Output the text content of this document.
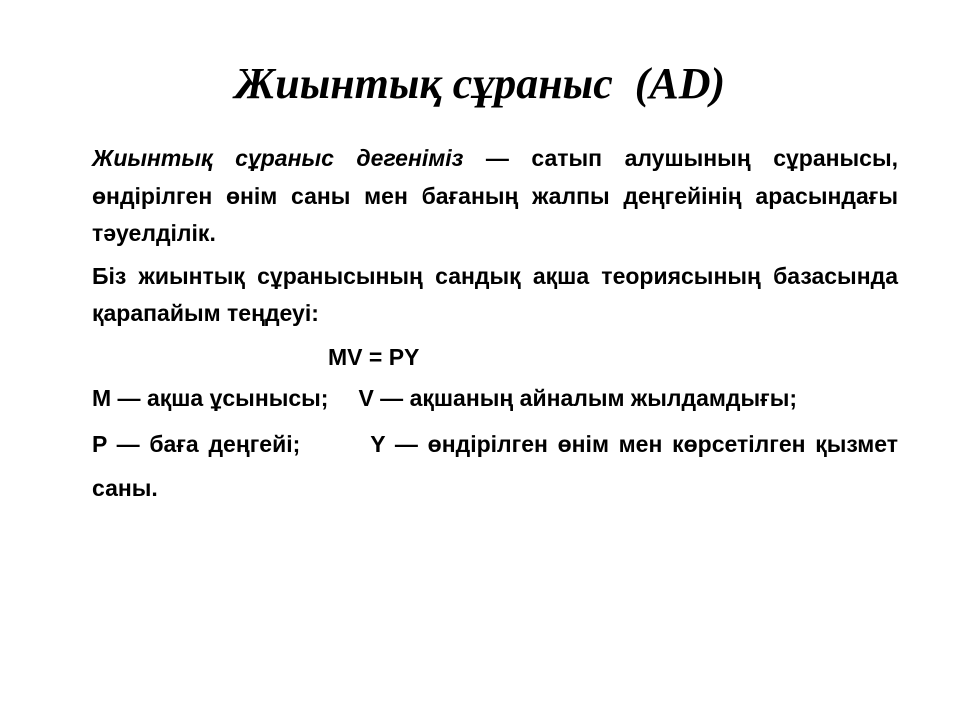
Жиынтық сұраныс  (AD)

Жиынтық сұраныс дегеніміз — сатып алушының сұранысы, өндірілген өнім саны мен бағаның жалпы деңгейінің арасындағы тәуелділік.

Біз жиынтық сұранысының сандық ақша теориясының базасында қарапайым теңдеуі:

MV = PY

M — ақша ұсынысы; V — ақшаның айналым жылдамдығы;

P — баға деңгейі;	Y — өндірілген өнім мен көрсетілген қызмет саны.
